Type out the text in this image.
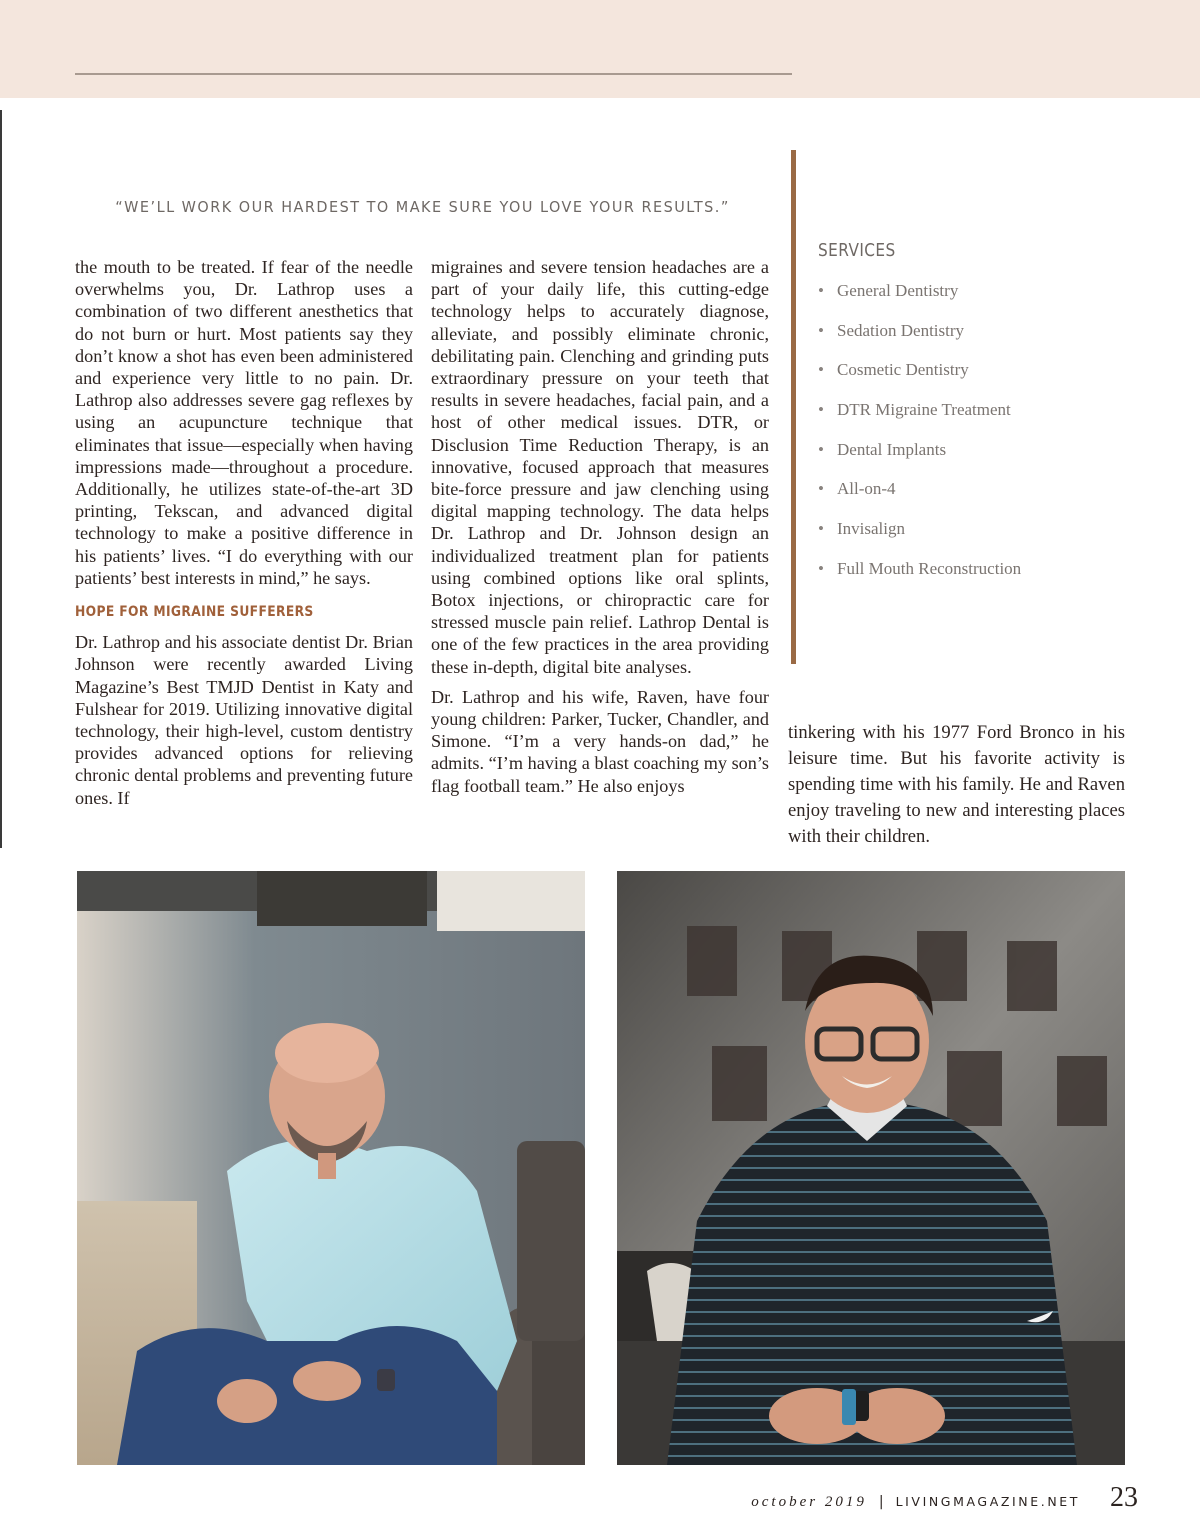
“WE’LL WORK OUR HARDEST TO MAKE SURE YOU LOVE YOUR RESULTS.”

the mouth to be treated. If fear of the needle overwhelms you, Dr. Lathrop uses a combination of two different anesthetics that do not burn or hurt. Most patients say they don’t know a shot has even been administered and experience very little to no pain. Dr. Lathrop also addresses severe gag reflexes by using an acupuncture technique that eliminates that issue—especially when having impressions made—throughout a procedure. Additionally, he utilizes state-of-the-art 3D printing, Tekscan, and advanced digital technology to make a positive difference in his patients’ lives. “I do everything with our patients’ best interests in mind,” he says.

HOPE FOR MIGRAINE SUFFERERS

Dr. Lathrop and his associate dentist Dr. Brian Johnson were recently awarded Living Magazine’s Best TMJD Dentist in Katy and Fulshear for 2019. Utilizing innovative digital technology, their high-level, custom dentistry provides advanced options for relieving chronic dental problems and preventing future ones. If

migraines and severe tension headaches are a part of your daily life, this cutting-edge technology helps to accurately diagnose, alleviate, and possibly eliminate chronic, debilitating pain. Clenching and grinding puts extraordinary pressure on your teeth that results in severe headaches, facial pain, and a host of other medical issues. DTR, or Disclusion Time Reduction Therapy, is an innovative, focused approach that measures bite-force pressure and jaw clenching using digital mapping technology. The data helps Dr. Lathrop and Dr. Johnson design an individualized treatment plan for patients using combined options like oral splints, Botox injections, or chiropractic care for stressed muscle pain relief. Lathrop Dental is one of the few practices in the area providing these in-depth, digital bite analyses.

Dr. Lathrop and his wife, Raven, have four young children: Parker, Tucker, Chandler, and Simone. “I’m a very hands-on dad,” he admits. “I’m having a blast coaching my son’s flag football team.” He also enjoys

tinkering with his 1977 Ford Bronco in his leisure time. But his favorite activity is spending time with his family. He and Raven enjoy traveling to new and interesting places with their children.

SERVICES
• General Dentistry
• Sedation Dentistry
• Cosmetic Dentistry
• DTR Migraine Treatment
• Dental Implants
• All-on-4
• Invisalign
• Full Mouth Reconstruction
october 2019 | LIVINGMAGAZINE.NET 23
